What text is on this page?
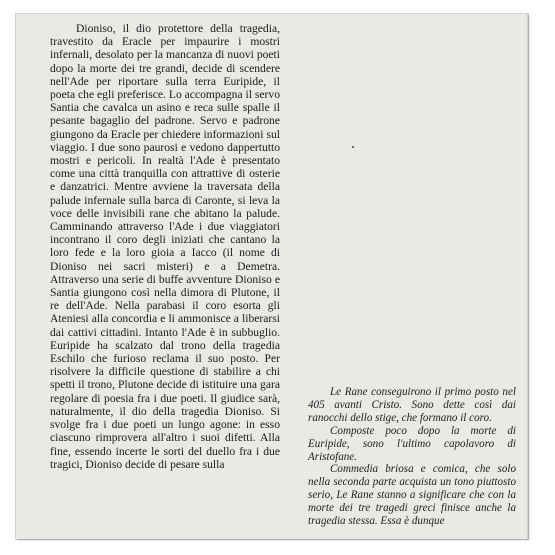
Dioniso, il dio protettore della tragedia, travestito da Eracle per impaurire i mostri infernali, desolato per la mancanza di nuovi poeti dopo la morte dei tre grandi, decide di scendere nell'Ade per riportare sulla terra Euripide, il poeta che egli preferisce. Lo accompagna il servo Santia che cavalca un asino e reca sulle spalle il pesante bagaglio del padrone. Servo e padrone giungono da Eracle per chiedere informazioni sul viaggio. I due sono paurosi e vedono dappertutto mostri e pericoli. In realtà l'Ade è presentato come una città tranquilla con attrattive di osterie e danzatrici. Mentre avviene la traversata della palude infernale sulla barca di Caronte, si leva la voce delle invisibili rane che abitano la palude. Camminando attraverso l'Ade i due viaggiatori incontrano il coro degli iniziati che cantano la loro fede e la loro gioia a Iacco (il nome di Dioniso nei sacri misteri) e a Demetra. Attraverso una serie di buffe avventure Dioniso e Santia giungono così nella dimora di Plutone, il re dell'Ade. Nella parabasi il coro esorta gli Ateniesi alla concordia e li ammonisce a liberarsi dai cattivi cittadini. Intanto l'Ade è in subbuglio. Euripide ha scalzato dal trono della tragedia Eschilo che furioso reclama il suo posto. Per risolvere la difficile questione di stabilire a chi spetti il trono, Plutone decide di istituire una gara regolare di poesia fra i due poeti. Il giudice sarà, naturalmente, il dio della tragedia Dioniso. Si svolge fra i due poeti un lungo agone: in esso ciascuno rimprovera all'altro i suoi difetti. Alla fine, essendo incerte le sorti del duello fra i due tragici, Dioniso decide di pesare sulla

Le Rane conseguirono il primo posto nel 405 avanti Cristo. Sono dette così dai ranocchi dello stige, che formano il coro.

Composte poco dopo la morte di Euripide, sono l'ultimo capolavoro di Aristofane.

Commedia briosa e comica, che solo nella seconda parte acquista un tono piuttosto serio, Le Rane stanno a significare che con la morte dei tre tragedi greci finisce anche la tragedia stessa. Essa è dunque
